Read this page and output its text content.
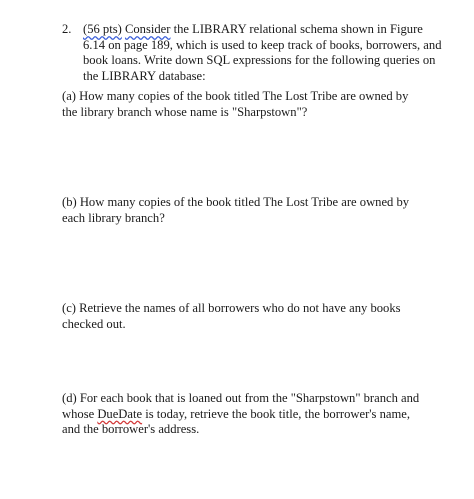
2. (56 pts) Consider the LIBRARY relational schema shown in Figure 6.14 on page 189, which is used to keep track of books, borrowers, and book loans. Write down SQL expressions for the following queries on the LIBRARY database:
(a) How many copies of the book titled The Lost Tribe are owned by the library branch whose name is "Sharpstown"?
(b) How many copies of the book titled The Lost Tribe are owned by each library branch?
(c) Retrieve the names of all borrowers who do not have any books checked out.
(d) For each book that is loaned out from the "Sharpstown" branch and whose DueDate is today, retrieve the book title, the borrower's name, and the borrower's address.
